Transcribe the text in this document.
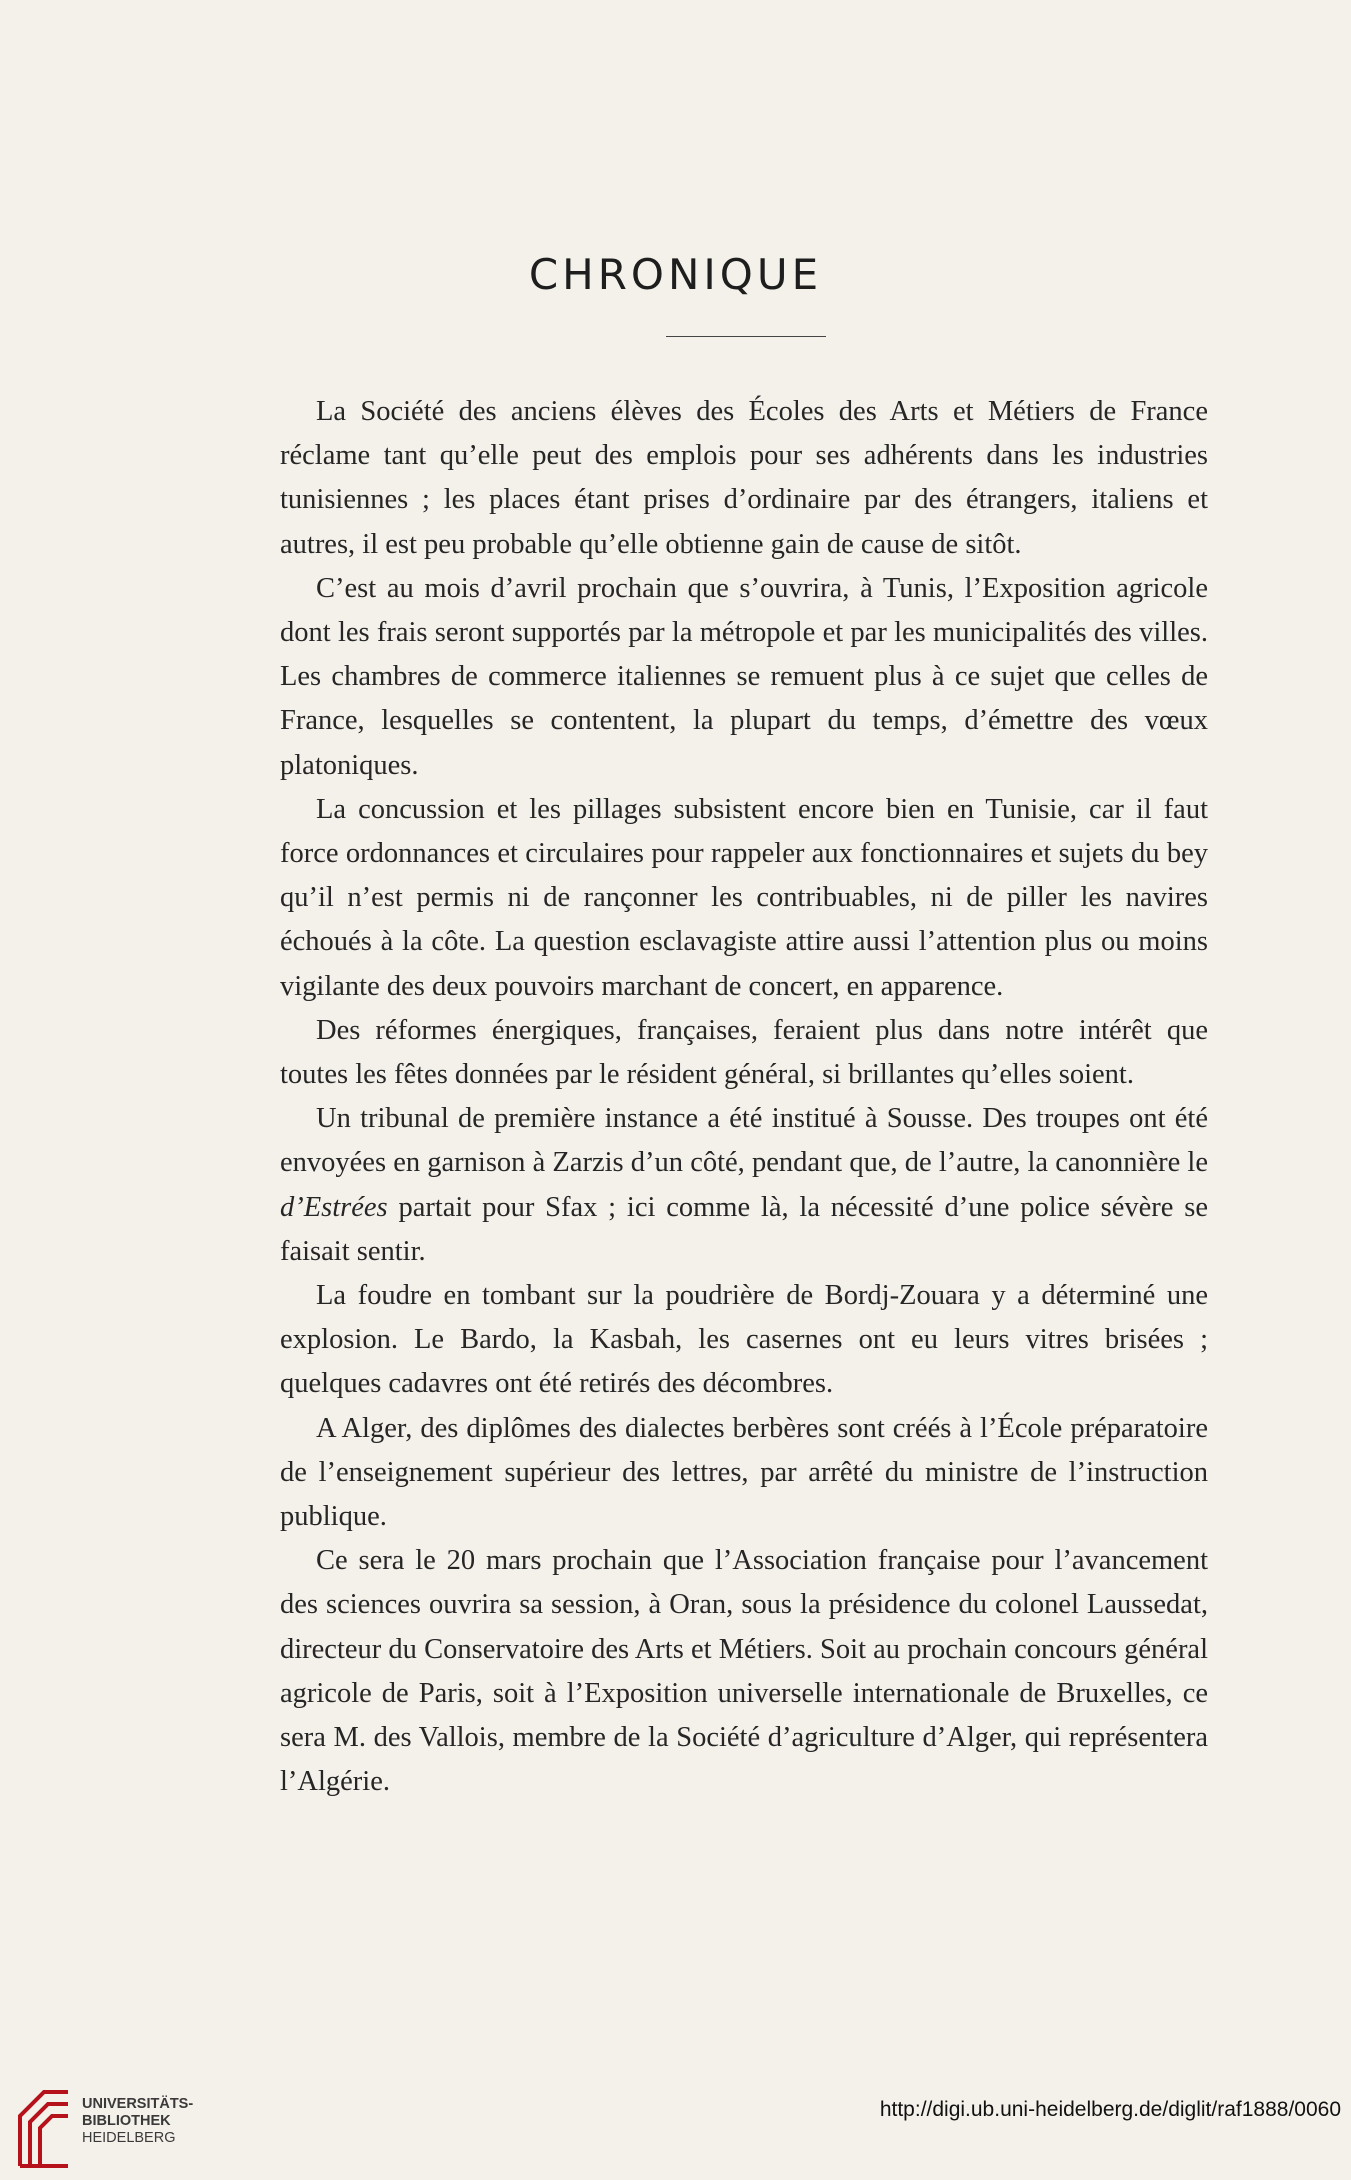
CHRONIQUE

La Société des anciens élèves des Écoles des Arts et Métiers de France réclame tant qu’elle peut des emplois pour ses adhérents dans les industries tunisiennes ; les places étant prises d’ordinaire par des étrangers, italiens et autres, il est peu probable qu’elle obtienne gain de cause de sitôt.

C’est au mois d’avril prochain que s’ouvrira, à Tunis, l’Exposition agricole dont les frais seront supportés par la métropole et par les municipalités des villes. Les chambres de commerce italiennes se remuent plus à ce sujet que celles de France, lesquelles se contentent, la plupart du temps, d’émettre des vœux platoniques.

La concussion et les pillages subsistent encore bien en Tunisie, car il faut force ordonnances et circulaires pour rappeler aux fonctionnaires et sujets du bey qu’il n’est permis ni de rançonner les contribuables, ni de piller les navires échoués à la côte. La question esclavagiste attire aussi l’attention plus ou moins vigilante des deux pouvoirs marchant de concert, en apparence.

Des réformes énergiques, françaises, feraient plus dans notre intérêt que toutes les fêtes données par le résident général, si brillantes qu’elles soient.

Un tribunal de première instance a été institué à Sousse. Des troupes ont été envoyées en garnison à Zarzis d’un côté, pendant que, de l’autre, la canonnière le d’Estrées partait pour Sfax ; ici comme là, la nécessité d’une police sévère se faisait sentir.

La foudre en tombant sur la poudrière de Bordj-Zouara y a déterminé une explosion. Le Bardo, la Kasbah, les casernes ont eu leurs vitres brisées ; quelques cadavres ont été retirés des décombres.

A Alger, des diplômes des dialectes berbères sont créés à l’École préparatoire de l’enseignement supérieur des lettres, par arrêté du ministre de l’instruction publique.

Ce sera le 20 mars prochain que l’Association française pour l’avancement des sciences ouvrira sa session, à Oran, sous la présidence du colonel Laussedat, directeur du Conservatoire des Arts et Métiers. Soit au prochain concours général agricole de Paris, soit à l’Exposition universelle internationale de Bruxelles, ce sera M. des Vallois, membre de la Société d’agriculture d’Alger, qui représentera l’Algérie.

UNIVERSITÄTS-
BIBLIOTHEK
HEIDELBERG
http://digi.ub.uni-heidelberg.de/diglit/raf1888/0060
